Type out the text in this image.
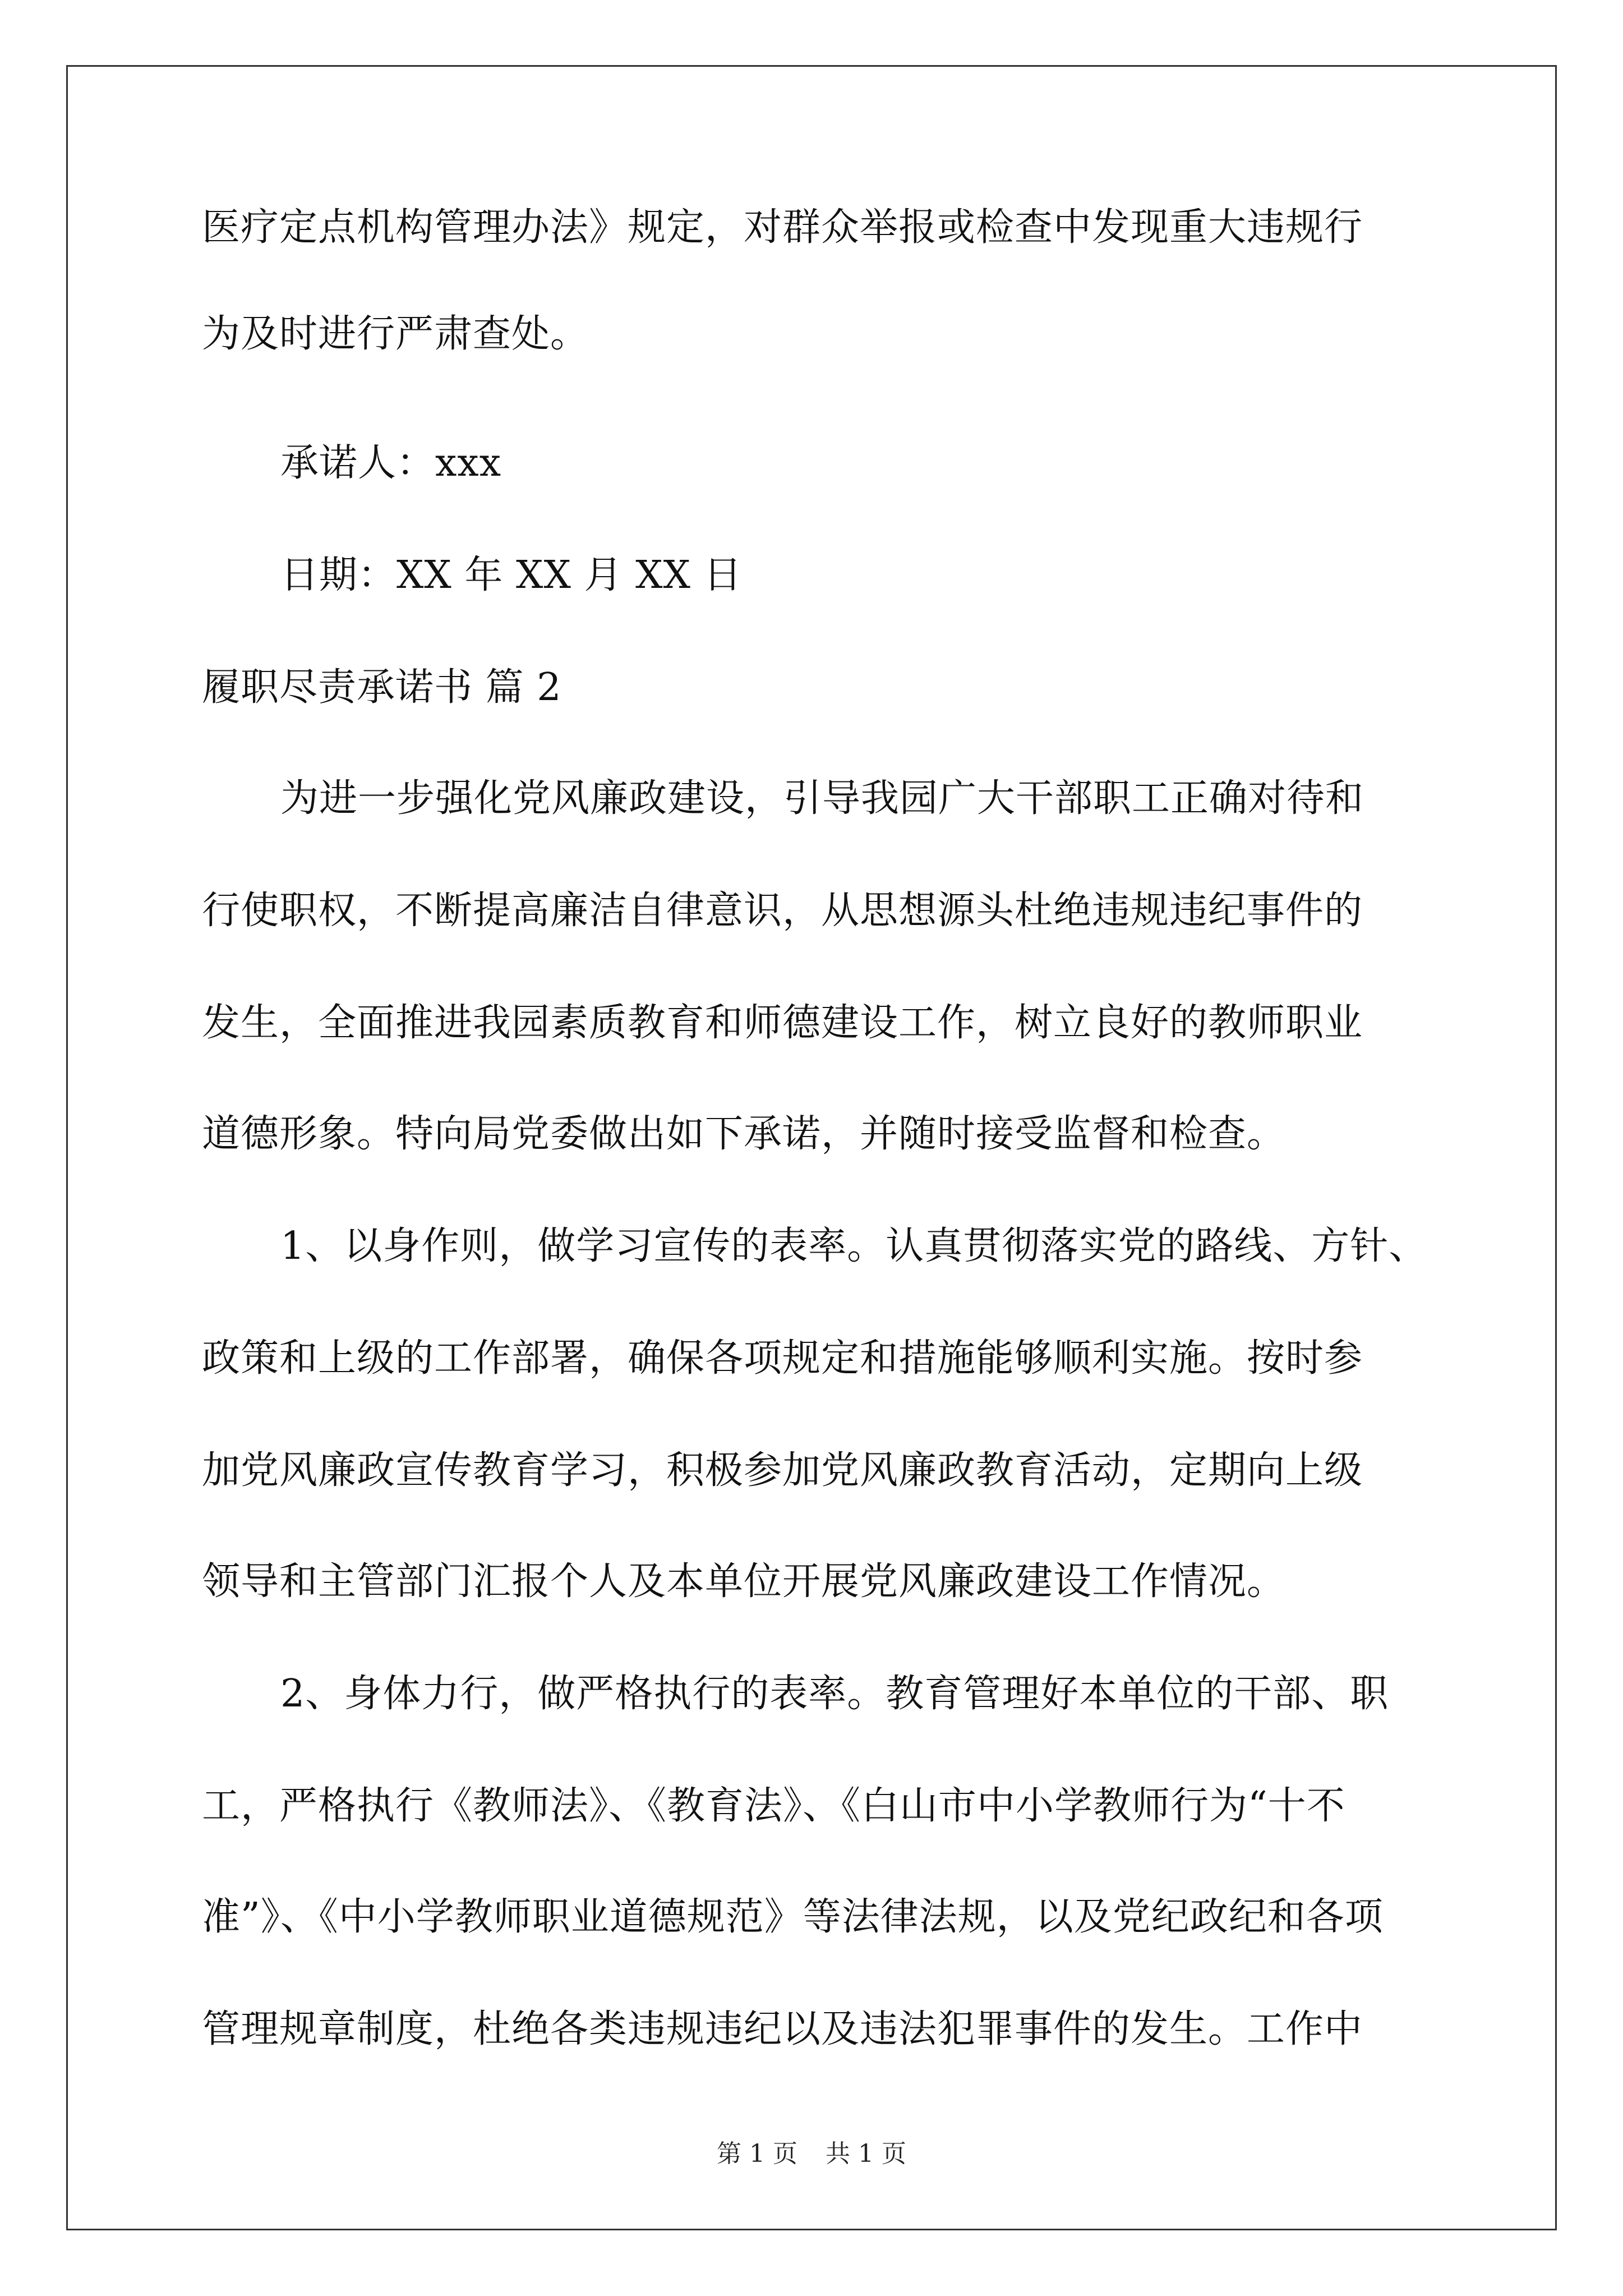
医疗定点机构管理办法》规定，对群众举报或检查中发现重大违规行
为及时进行严肃查处。
承诺人：xxx
日期：XX 年 XX 月 XX 日
履职尽责承诺书 篇 2
为进一步强化党风廉政建设，引导我园广大干部职工正确对待和
行使职权，不断提高廉洁自律意识，从思想源头杜绝违规违纪事件的
发生，全面推进我园素质教育和师德建设工作，树立良好的教师职业
道德形象。特向局党委做出如下承诺，并随时接受监督和检查。
1、以身作则，做学习宣传的表率。认真贯彻落实党的路线、方针、
政策和上级的工作部署，确保各项规定和措施能够顺利实施。按时参
加党风廉政宣传教育学习，积极参加党风廉政教育活动，定期向上级
领导和主管部门汇报个人及本单位开展党风廉政建设工作情况。
2、身体力行，做严格执行的表率。教育管理好本单位的干部、职
工，严格执行《教师法》、《教育法》、《白山市中小学教师行为“十不
准”》、《中小学教师职业道德规范》等法律法规，以及党纪政纪和各项
管理规章制度，杜绝各类违规违纪以及违法犯罪事件的发生。工作中
第 1 页 共 1 页
